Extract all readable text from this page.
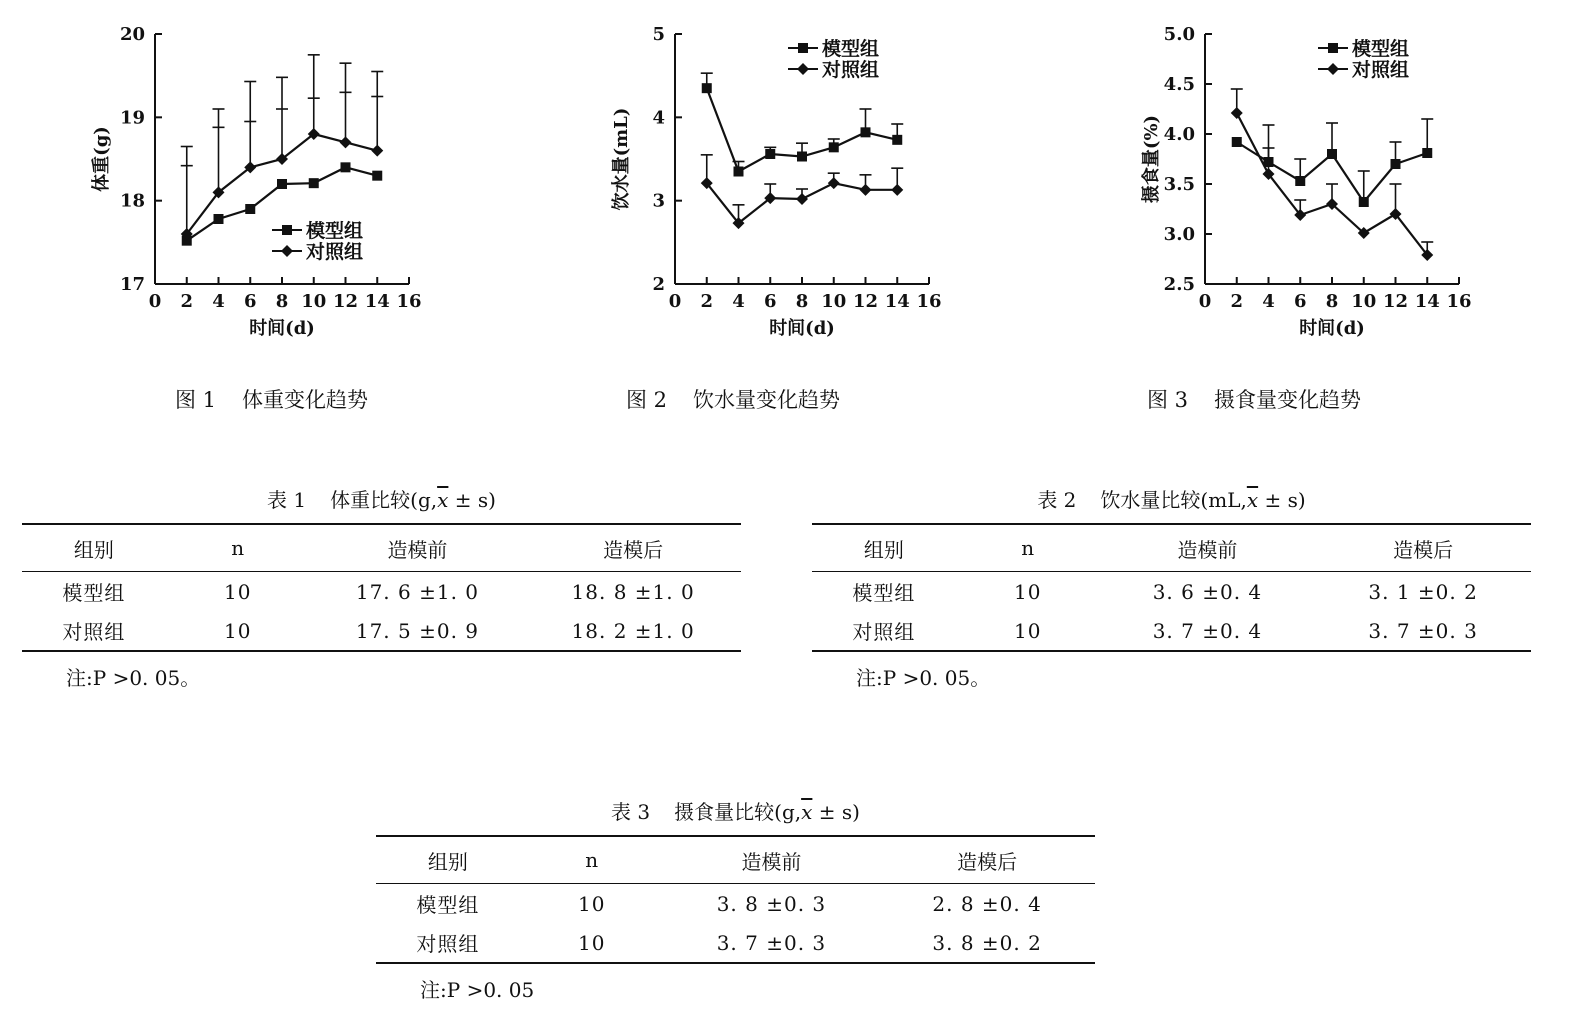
17
18
19
20
0 2 4 6 8 10 12 14 16
时间(d)
体重(g)
模型组
对照组
2
3
4
5
0 2 4 6 8 10 12 14 16
时间(d)
饮水量(mL)
模型组
对照组
2.5
3.0
3.5
4.0
4.5
5.0
0 2 4 6 8 10 12 14 16
时间(d)
摄食量(%)
模型组
对照组
图 1 体重变化趋势	图 2 饮水量变化趋势	图 3 摄食量变化趋势
表 1 体重比较$(g,\overline{x} \pm s)$
组别	n	造模前	造模后
模型组	10	17. 6 ±1. 0	18. 8 ±1. 0
对照组	10	17. 5 ±0. 9	18. 2 ±1. 0
注:P >0. 05。
表 2 饮水量比较$(mL,\overline{x} \pm s)$
组别	n	造模前	造模后
模型组	10	3. 6 ±0. 4	3. 1 ±0. 2
对照组	10	3. 7 ±0. 4	3. 7 ±0. 3
注:P >0. 05。
表 3 摄食量比较$(g,\overline{x} \pm s)$
组别	n	造模前	造模后
模型组	10	3. 8 ±0. 3	2. 8 ±0. 4
对照组	10	3. 7 ±0. 3	3. 8 ±0. 2
注:P >0. 05
